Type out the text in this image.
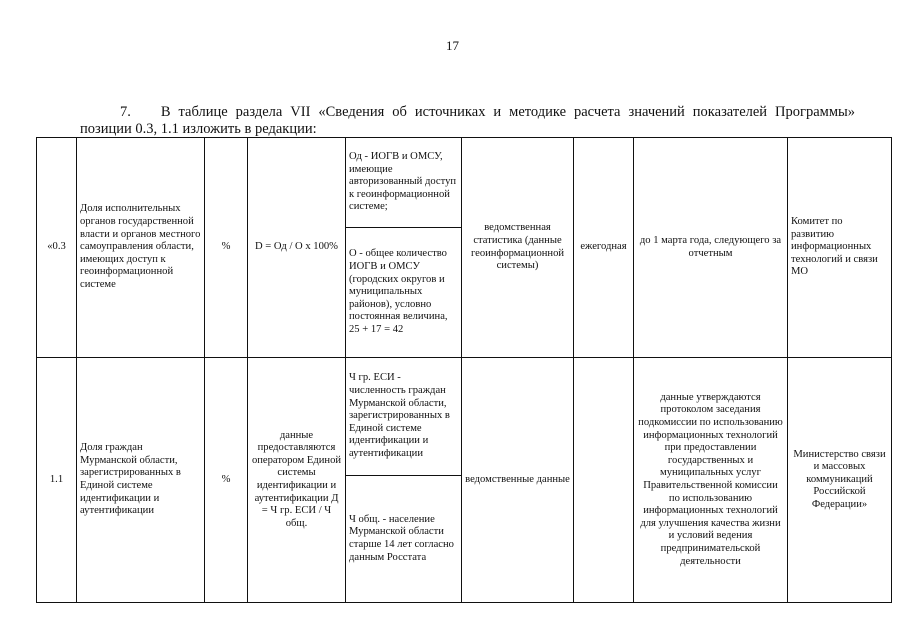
17
7. В таблице раздела VII «Сведения об источниках и методике расчета значений показателей Программы»
позиции 0.3, 1.1 изложить в редакции:
«0.3	Доля исполнительных органов государственной власти и органов местного самоуправления области, имеющих доступ к геоинформационной системе	%	D = Од / О х 100%	Од - ИОГВ и ОМСУ, имеющие авторизованный доступ к геоинформационной системе;	ведомственная статистика (данные геоинформационной системы)	ежегодная	до 1 марта года, следующего за отчетным	Комитет по развитию информационных технологий и связи МО
				О - общее количество ИОГВ и ОМСУ (городских округов и муниципальных районов), условно постоянная величина, 25 + 17 = 42				
1.1	Доля граждан Мурманской области, зарегистрированных в Единой системе идентификации и аутентификации	%	данные предоставляются оператором Единой системы идентификации и аутентификации Д = Ч гр. ЕСИ / Ч общ.	Ч гр. ЕСИ - численность граждан Мурманской области, зарегистрированных в Единой системе идентификации и аутентификации	ведомственные данные		данные утверждаются протоколом заседания подкомиссии по использованию информационных технологий при предоставлении государственных и муниципальных услуг Правительственной комиссии по использованию информационных технологий для улучшения качества жизни и условий ведения предпринимательской деятельности	Министерство связи и массовых коммуникаций Российской Федерации»
				Ч общ. - население Мурманской области старше 14 лет согласно данным Росстата				
